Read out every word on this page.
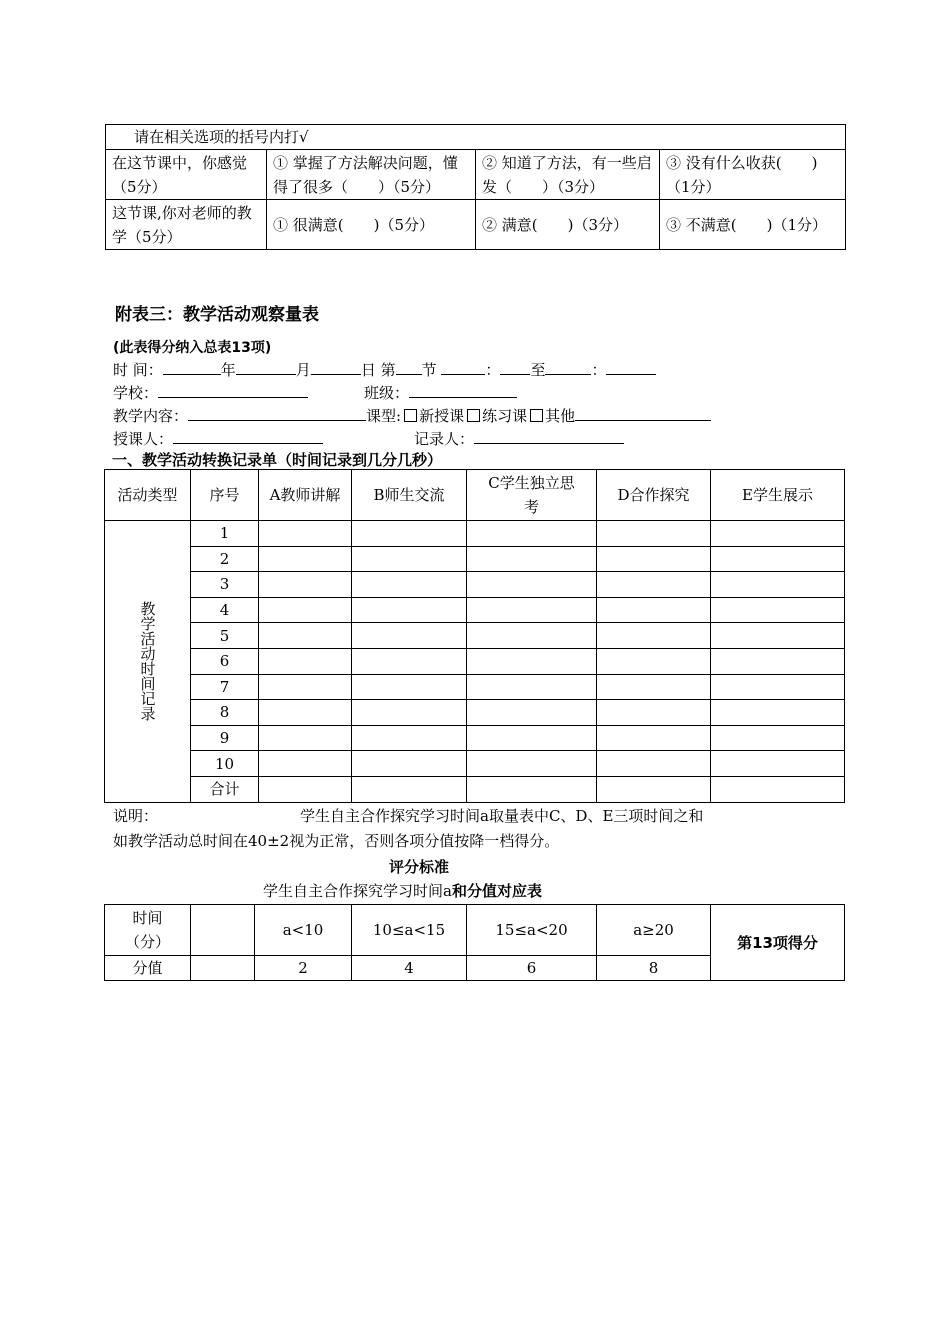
请在相关选项的括号内打√			
在这节课中，你感觉（5分）	① 掌握了方法解决问题，懂得了很多（　　）（5分）	② 知道了方法，有一些启发（　　）（3分）	③ 没有什么收获(　　)（1分）
这节课,你对老师的教学（5分）	① 很满意(　　)（5分）	② 满意(　　)（3分）	③ 不满意(　　)（1分）
附表三：教学活动观察量表
(此表得分纳入总表13项)
时 间：	年	月	日 第 节	： 至	：
学校：	班级：
教学内容：	课型: 新授课 练习课 其他
授课人：	记录人：
一、教学活动转换记录单（时间记录到几分几秒）
活动类型	序号	A教师讲解	B师生交流	C学生独立思考	D合作探究	E学生展示

教学活动时间记录	1					
	2					
	3					
	4					
	5					
	6					
	7					
	8					
	9					
	10					
	合计					
说明：	学生自主合作探究学习时间a取量表中C、D、E三项时间之和
如教学活动总时间在40±2视为正常，否则各项分值按降一档得分。
评分标准
学生自主合作探究学习时间a和分值对应表
时间（分）		a<10	10≤a<15	15≤a<20	a≥20	第13项得分
分值		2	4	6	8	
